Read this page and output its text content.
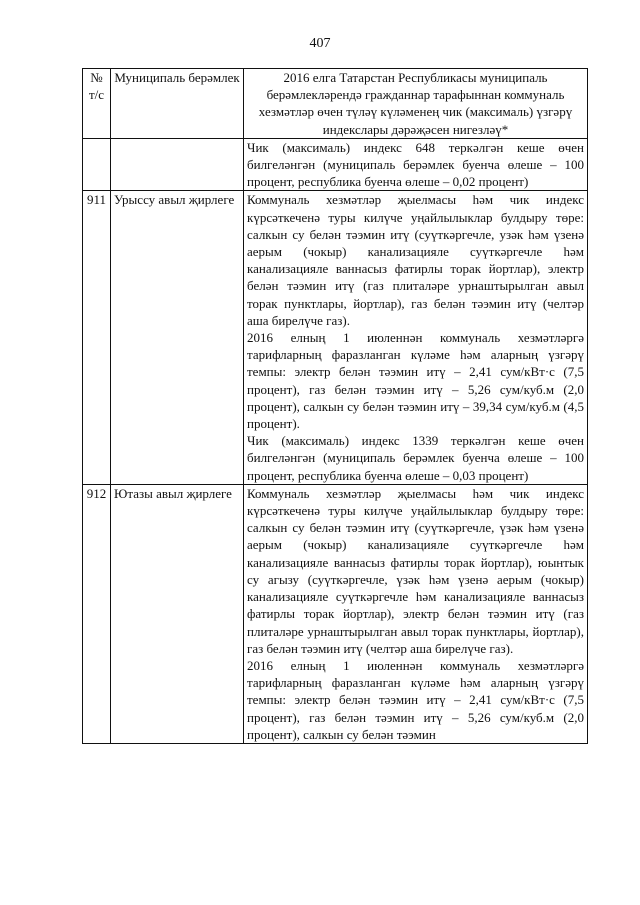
407
№ т/с	Муниципаль берәмлек	2016 елга Татарстан Республикасы муниципаль берәмлекләрендә гражданнар тарафыннан коммуналь хезмәтләр өчен түләү күләменең чик (максималь) үзгәрү индекслары дәрәҗәсен нигезләү*

		Чик (максималь) индекс 648 теркәлгән кеше өчен билгеләнгән (муниципаль берәмлек буенча өлеше – 100 процент, республика буенча өлеше – 0,02 процент)

911	Урыссу авыл җирлеге	Коммуналь хезмәтләр җыелмасы һәм чик индекс күрсәткеченә туры килүче уңайлылыклар булдыру төре: салкын су белән тәэмин итү (суүткәргечле, узәк һәм үзенә аерым (чокыр) канализацияле суүткәргечле һәм канализацияле ваннасыз фатирлы торак йортлар), электр белән тәэмин итү (газ плиталәре урнаштырылган авыл торак пунктлары, йортлар), газ белән тәэмин итү (челтәр аша бирелүче газ).

2016 елның 1 июленнән коммуналь хезмәтләргә тарифларның фаразланган күләме һәм аларның үзгәрү темпы: электр белән тәэмин итү – 2,41 сум/кВт·с (7,5 процент), газ белән тәэмин итү – 5,26 сум/куб.м (2,0 процент), салкын су белән тәэмин итү – 39,34 сум/куб.м (4,5 процент).

Чик (максималь) индекс 1339 теркәлгән кеше өчен билгеләнгән (муниципаль берәмлек буенча өлеше – 100 процент, республика буенча өлеше – 0,03 процент)

912	Ютазы авыл җирлеге	Коммуналь хезмәтләр җыелмасы һәм чик индекс күрсәткеченә туры килүче уңайлылыклар булдыру төре: салкын су белән тәэмин итү (суүткәргечле, үзәк һәм үзенә аерым (чокыр) канализацияле суүткәргечле һәм канализацияле ваннасыз фатирлы торак йортлар), юынтык су агызу (суүткәргечле, үзәк һәм үзенә аерым (чокыр) канализацияле суүткәргечле һәм канализацияле ваннасыз фатирлы торак йортлар), электр белән тәэмин итү (газ плиталәре урнаштырылган авыл торак пунктлары, йортлар), газ белән тәэмин итү (челтәр аша бирелүче газ).

2016 елның 1 июленнән коммуналь хезмәтләргә тарифларның фаразланган күләме һәм аларның үзгәрү темпы: электр белән тәэмин итү – 2,41 сум/кВт·с (7,5 процент), газ белән тәэмин итү – 5,26 сум/куб.м (2,0 процент), салкын су белән тәэмин
